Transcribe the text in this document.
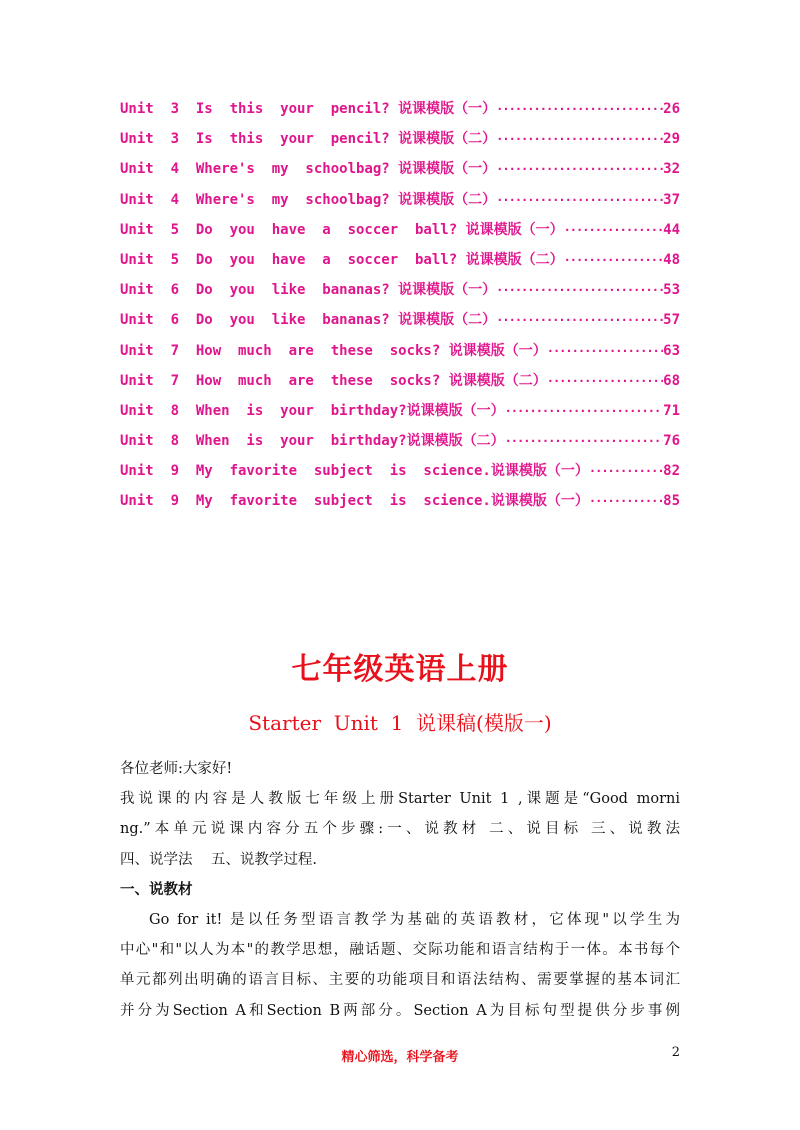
Unit  3  Is  this  your  pencil? 说课模版（一） ·····	26
Unit  3  Is  this  your  pencil? 说课模版（二） ·····	29
Unit  4  Where's  my  schoolbag? 说课模版（一） ·····	32
Unit  4  Where's  my  schoolbag? 说课模版（二） ·····	37
Unit  5  Do  you  have  a  soccer  ball? 说课模版（一） ·····	44
Unit  5  Do  you  have  a  soccer  ball? 说课模版（二） ·····	48
Unit  6  Do  you  like  bananas? 说课模版（一） ·····	53
Unit  6  Do  you  like  bananas? 说课模版（二） ·····	57
Unit  7  How  much  are  these  socks? 说课模版（一） ·····	63
Unit  7  How  much  are  these  socks? 说课模版（二） ·····	68
Unit  8  When  is  your  birthday?说课模版（一） ·····	71
Unit  8  When  is  your  birthday?说课模版（二） ·····	76
Unit  9  My  favorite  subject  is  science.说课模版（一） ·····	82
Unit  9  My  favorite  subject  is  science.说课模版（一） ·····	85
七年级英语上册
Starter  Unit  1  说课稿(模版一)
各位老师:大家好!
我说课的内容是人教版七年级上册Starter Unit 1 ,课题是“Good morni
ng.”本单元说课内容分五个步骤:一、说教材 二、说目标 三、说教法
四、说学法    五、说教学过程.
一、说教材
Go for it! 是以任务型语言教学为基础的英语教材，它体现"以学生为
中心"和"以人为本"的教学思想，融话题、交际功能和语言结构于一体。本书每个
单元都列出明确的语言目标、主要的功能项目和语法结构、需要掌握的基本词汇
并分为Section A和Section B两部分。Section A为目标句型提供分步事例
精心筛选，科学备考	2
